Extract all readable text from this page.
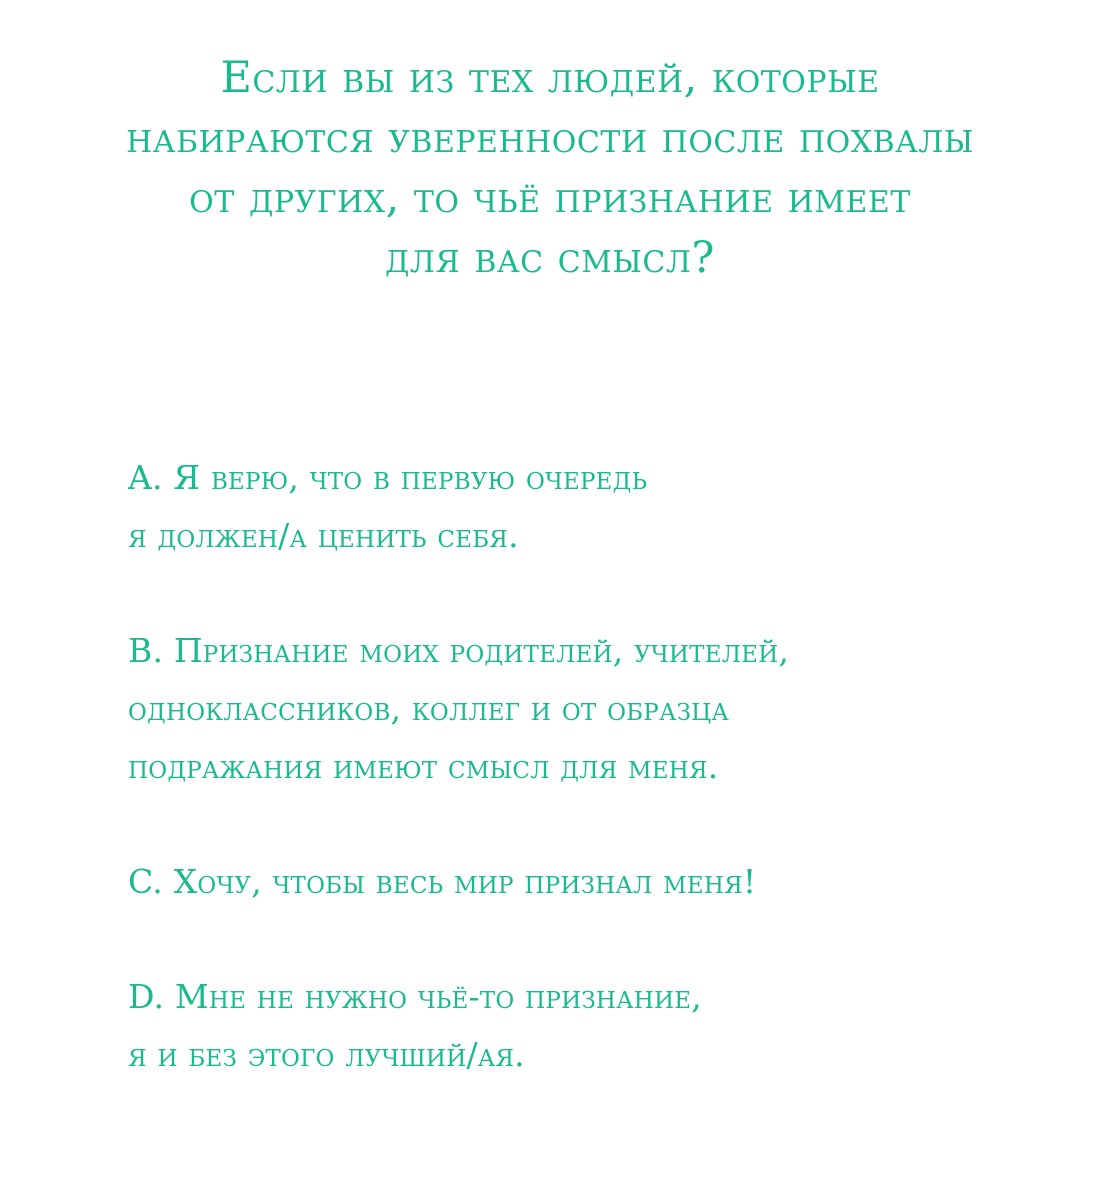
Если вы из тех людей, которые
набираются уверенности после похвалы
от других, то чьё признание имеет
для вас смысл?
A. Я верю, что в первую очередь
я должен/а ценить себя.
B. Признание моих родителей, учителей,
одноклассников, коллег и от образца
подражания имеют смысл для меня.
C. Хочу, чтобы весь мир признал меня!
D. Мне не нужно чьё-то признание,
я и без этого лучший/ая.
